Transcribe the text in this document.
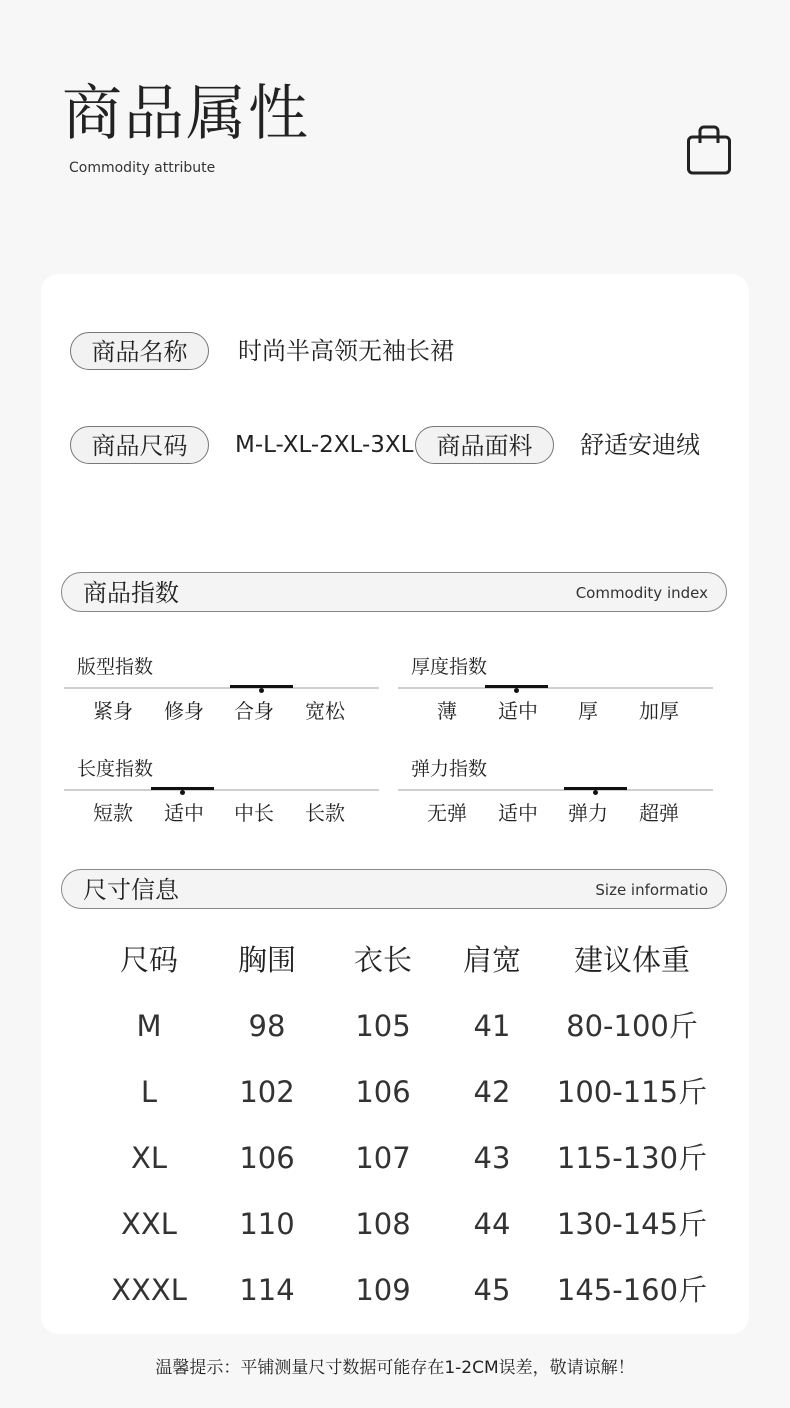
商品属性
Commodity attribute
商品名称	时尚半高领无袖长裙
商品尺码	M-L-XL-2XL-3XL 商品面料	舒适安迪绒
商品指数	Commodity index
版型指数
紧身	修身	合身	宽松
厚度指数
薄	适中	厚	加厚
长度指数
短款	适中	中长	长款
弹力指数
无弹	适中	弹力	超弹
尺寸信息	Size informatio
尺码	胸围	衣长	肩宽	建议体重
M	98	105	41	80-100斤
L	102	106	42	100-115斤
XL	106	107	43	115-130斤
XXL	110	108	44	130-145斤
XXXL	114	109	45	145-160斤
温馨提示：平铺测量尺寸数据可能存在1-2CM误差，敬请谅解！
